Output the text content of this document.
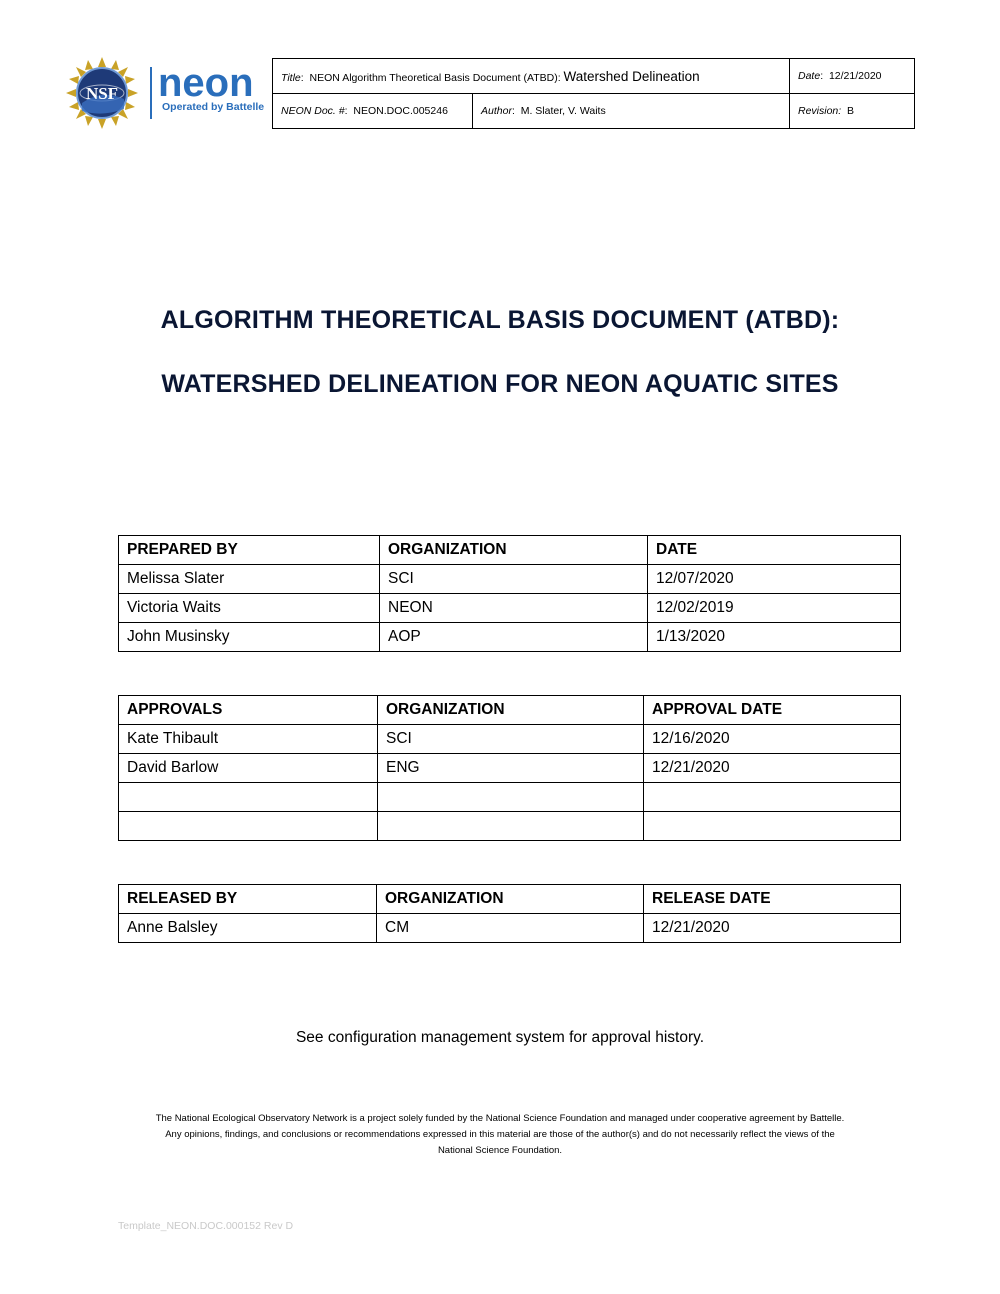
NSF neon
Operated by Battelle
Title:  NEON Algorithm Theoretical Basis Document (ATBD): Watershed Delineation		Date:  12/21/2020
NEON Doc. #:  NEON.DOC.005246	Author:  M. Slater, V. Waits	Revision: B
ALGORITHM THEORETICAL BASIS DOCUMENT (ATBD):
WATERSHED DELINEATION FOR NEON AQUATIC SITES
PREPARED BY	ORGANIZATION	DATE
Melissa Slater	SCI	12/07/2020
Victoria Waits	NEON	12/02/2019
John Musinsky	AOP	1/13/2020
APPROVALS	ORGANIZATION	APPROVAL DATE
Kate Thibault	SCI	12/16/2020
David Barlow	ENG	12/21/2020

RELEASED BY	ORGANIZATION	RELEASE DATE
Anne Balsley	CM	12/21/2020
See configuration management system for approval history.
The National Ecological Observatory Network is a project solely funded by the National Science Foundation and managed under cooperative agreement by Battelle.
Any opinions, findings, and conclusions or recommendations expressed in this material are those of the author(s) and do not necessarily reflect the views of the
National Science Foundation.
Template_NEON.DOC.000152 Rev D
